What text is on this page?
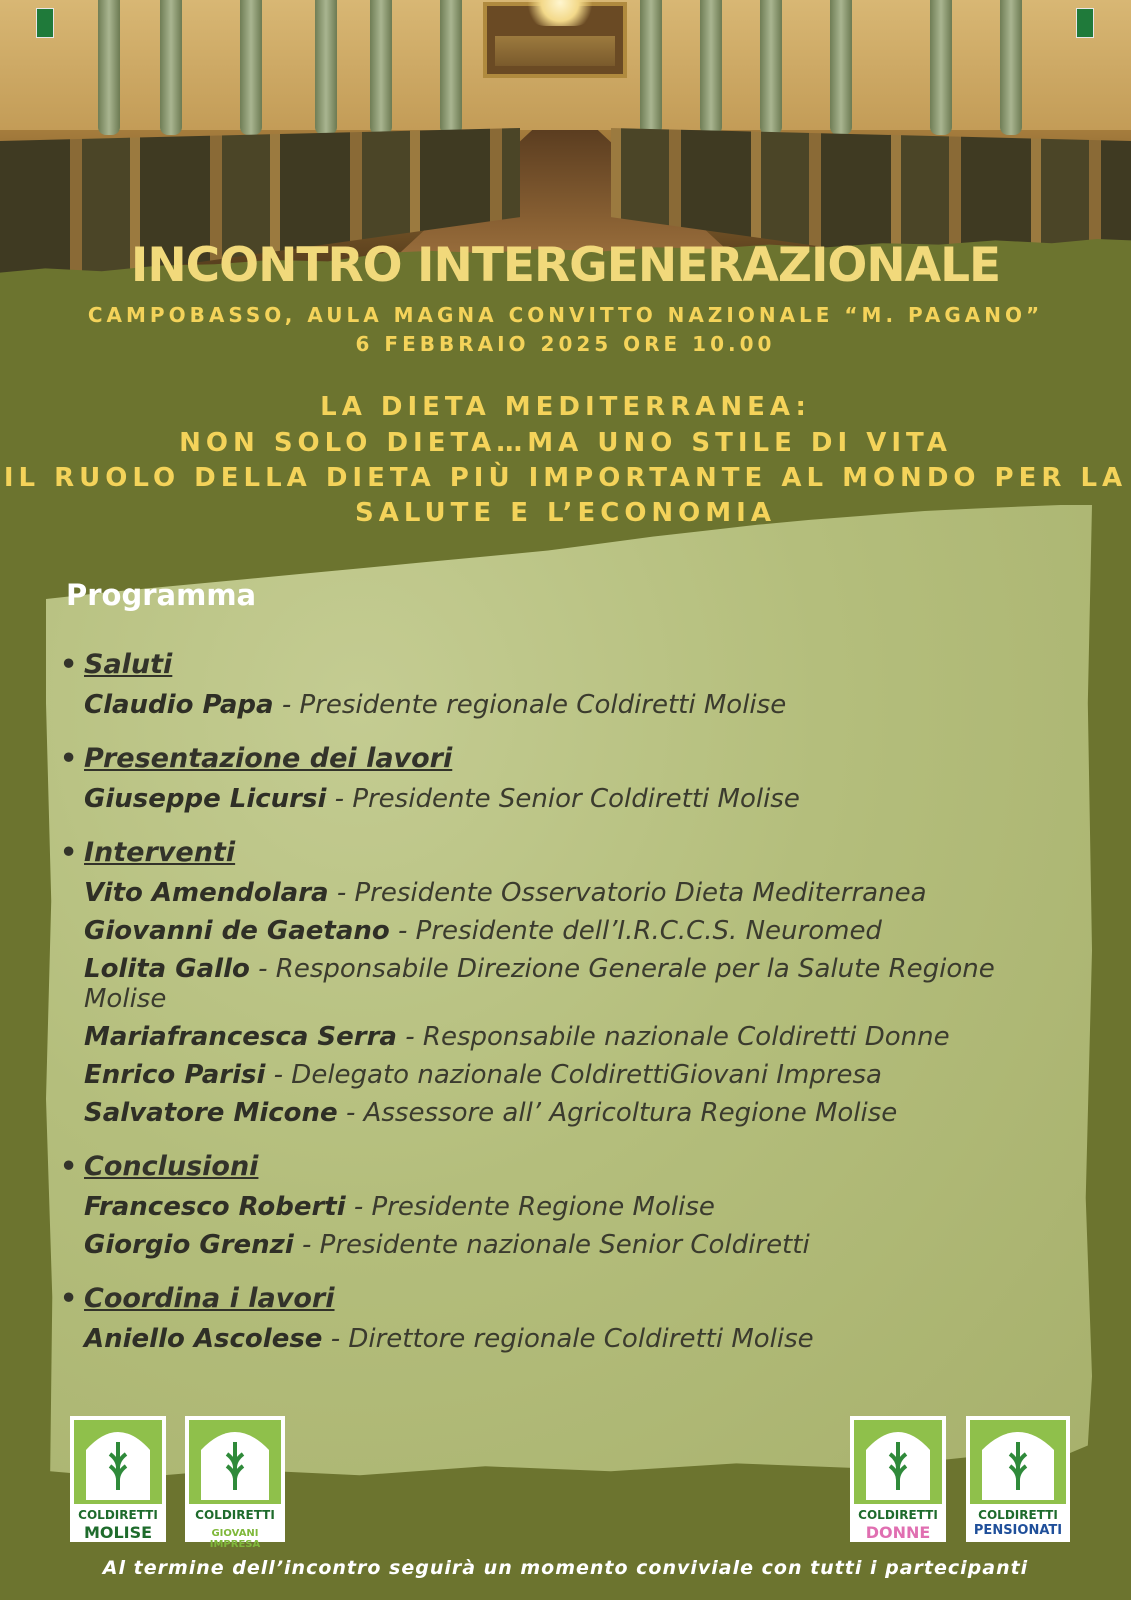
INCONTRO INTERGENERAZIONALE
CAMPOBASSO, AULA MAGNA CONVITTO NAZIONALE “M. PAGANO”
6 FEBBRAIO 2025 ORE 10.00
LA DIETA MEDITERRANEA:
NON SOLO DIETA…MA UNO STILE DI VITA
IL RUOLO DELLA DIETA PIÙ IMPORTANTE AL MONDO PER LA
SALUTE E L’ECONOMIA
Programma
• Saluti
Claudio Papa - Presidente regionale Coldiretti Molise
• Presentazione dei lavori
Giuseppe Licursi - Presidente Senior Coldiretti Molise
• Interventi
Vito Amendolara - Presidente Osservatorio Dieta Mediterranea
Giovanni de Gaetano - Presidente dell’I.R.C.C.S. Neuromed
Lolita Gallo - Responsabile Direzione Generale per la Salute Regione Molise
Mariafrancesca Serra - Responsabile nazionale Coldiretti Donne
Enrico Parisi - Delegato nazionale ColdirettiGiovani Impresa
Salvatore Micone - Assessore all’ Agricoltura Regione Molise
• Conclusioni
Francesco Roberti - Presidente Regione Molise
Giorgio Grenzi - Presidente nazionale Senior Coldiretti
• Coordina i lavori
Aniello Ascolese - Direttore regionale Coldiretti Molise
COLDIRETTI
MOLISE
COLDIRETTI
GIOVANI IMPRESA
COLDIRETTI
DONNE
COLDIRETTI
PENSIONATI
Al termine dell’incontro seguirà un momento conviviale con tutti i partecipanti
